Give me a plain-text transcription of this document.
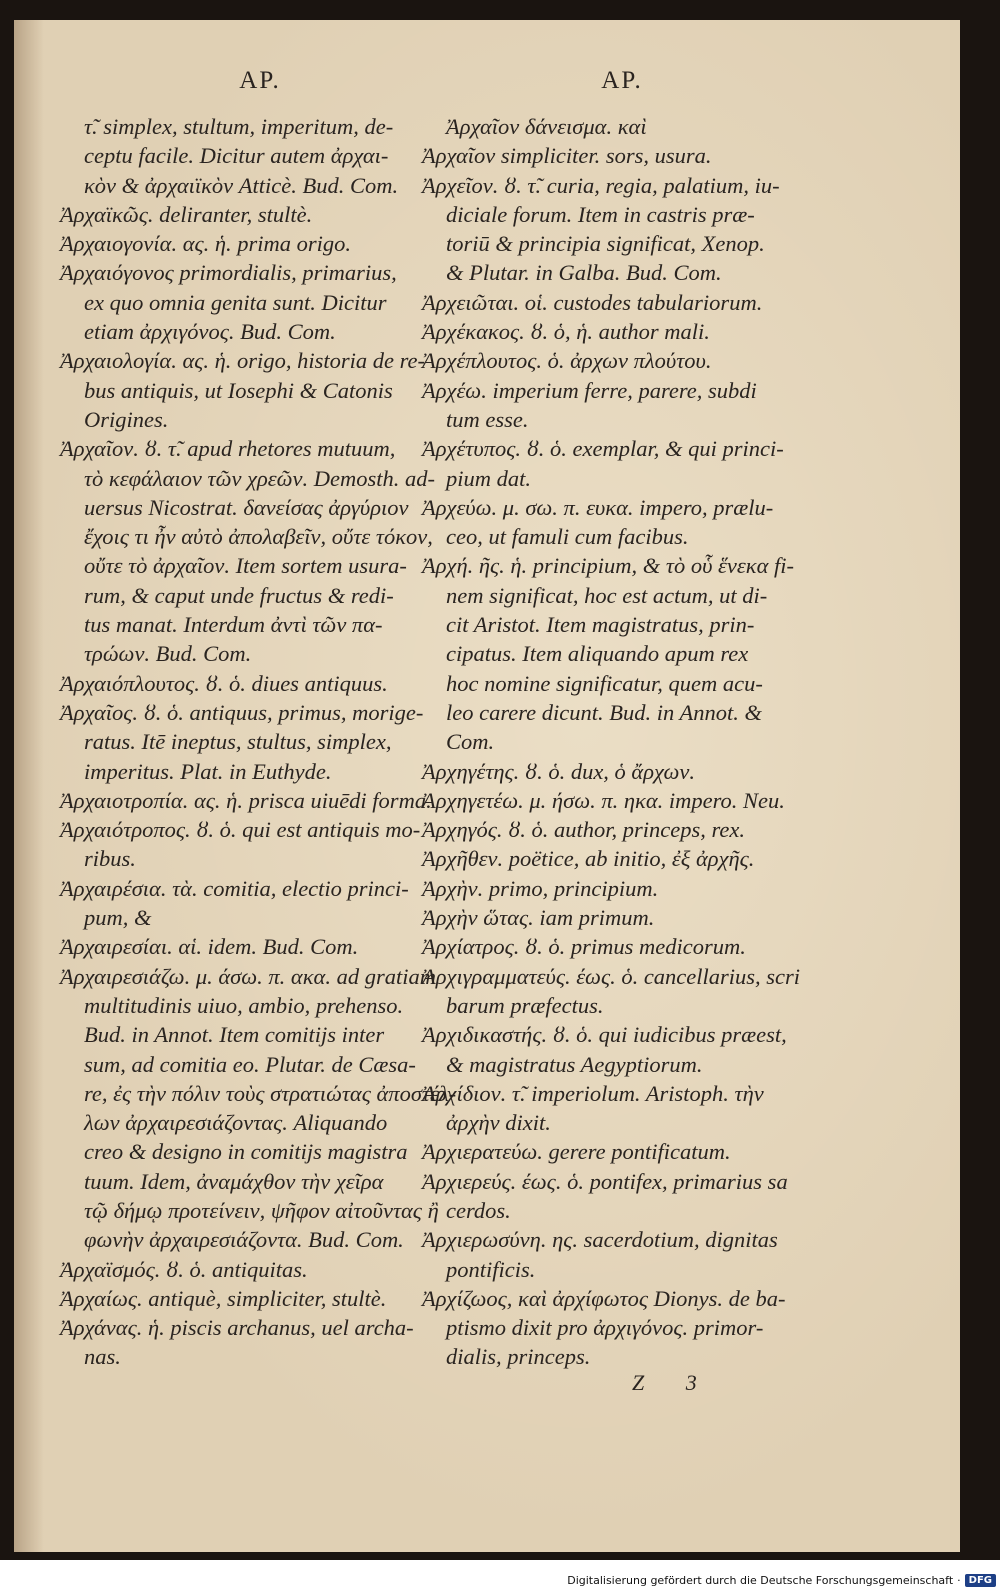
AP.
τ̃. simplex, stultum, imperitum, de-
ceptu facile. Dicitur autem ἀρχαι-
κὸν & ἀρχαιϊκὸν Atticè. Bud. Com.
Ἀρχαϊκῶς. deliranter, stultè.
Ἀρχαιογονία. ας. ἡ. prima origo.
Ἀρχαιόγονος primordialis, primarius,
ex quo omnia genita sunt. Dicitur
etiam ἀρχιγόνος. Bud. Com.
Ἀρχαιολογία. ας. ἡ. origo, historia de re-
bus antiquis, ut Iosephi & Catonis
Origines.
Ἀρχαῖον. ȣ. τ̃. apud rhetores mutuum,
τὸ κεφάλαιον τῶν χρεῶν. Demosth. ad-
uersus Nicostrat. δανείσας ἀργύριον
ἔχοις τι ἦν αὐτὸ ἀπολαβεῖν, οὔτε τόκον,
οὔτε τὸ ἀρχαῖον. Item sortem usura-
rum, & caput unde fructus & redi-
tus manat. Interdum ἀντὶ τῶν πα-
τρώων. Bud. Com.
Ἀρχαιόπλουτος. ȣ. ὁ. diues antiquus.
Ἀρχαῖος. ȣ. ὁ. antiquus, primus, morige-
ratus. Itē ineptus, stultus, simplex,
imperitus. Plat. in Euthyde.
Ἀρχαιοτροπία. ας. ἡ. prisca uiuēdi forma.
Ἀρχαιότροπος. ȣ. ὁ. qui est antiquis mo-
ribus.
Ἀρχαιρέσια. τὰ. comitia, electio princi-
pum, &
Ἀρχαιρεσίαι. αἱ. idem. Bud. Com.
Ἀρχαιρεσιάζω. μ. άσω. π. ακα. ad gratiam
multitudinis uiuo, ambio, prehenso.
Bud. in Annot. Item comitijs inter
sum, ad comitia eo. Plutar. de Cæsa-
re, ἐς τὴν πόλιν τοὺς στρατιώτας ἀποστέλ-
λων ἀρχαιρεσιάζοντας. Aliquando
creo & designo in comitijs magistra
tuum. Idem, ἀναμάχθον τὴν χεῖρα
τῷ δήμῳ προτείνειν, ψῆφον αἰτοῦντας ἢ
φωνὴν ἀρχαιρεσιάζοντα. Bud. Com.
Ἀρχαϊσμός. ȣ. ὁ. antiquitas.
Ἀρχαίως. antiquè, simpliciter, stultè.
Ἀρχάνας. ἡ. piscis archanus, uel archa-
nas.
AP.
Ἀρχαῖον δάνεισμα. καὶ
Ἀρχαῖον simpliciter. sors, usura.
Ἀρχεῖον. ȣ. τ̃. curia, regia, palatium, iu-
diciale forum. Item in castris præ-
toriū & principia significat, Xenop.
& Plutar. in Galba. Bud. Com.
Ἀρχειῶται. οἱ. custodes tabulariorum.
Ἀρχέκακος. ȣ. ὁ, ἡ. author mali.
Ἀρχέπλουτος. ὁ. ἀρχων πλούτου.
Ἀρχέω. imperium ferre, parere, subdi
tum esse.
Ἀρχέτυπος. ȣ. ὁ. exemplar, & qui princi-
pium dat.
Ἀρχεύω. μ. σω. π. ευκα. impero, prælu-
ceo, ut famuli cum facibus.
Ἀρχή. ῆς. ἡ. principium, & τὸ οὗ ἕνεκα fi-
nem significat, hoc est actum, ut di-
cit Aristot. Item magistratus, prin-
cipatus. Item aliquando apum rex
hoc nomine significatur, quem acu-
leo carere dicunt. Bud. in Annot. &
Com.
Ἀρχηγέτης. ȣ. ὁ. dux, ὁ ἄρχων.
Ἀρχηγετέω. μ. ήσω. π. ηκα. impero. Neu.
Ἀρχηγός. ȣ. ὁ. author, princeps, rex.
Ἀρχῆθεν. poëtice, ab initio, ἐξ ἀρχῆς.
Ἀρχὴν. primo, principium.
Ἀρχὴν ὥτας. iam primum.
Ἀρχίατρος. ȣ. ὁ. primus medicorum.
Ἀρχιγραμματεύς. έως. ὁ. cancellarius, scri
barum præfectus.
Ἀρχιδικαστής. ȣ. ὁ. qui iudicibus præest,
& magistratus Aegyptiorum.
Ἀρχίδιον. τ̃. imperiolum. Aristoph. τὴν
ἀρχὴν dixit.
Ἀρχιερατεύω. gerere pontificatum.
Ἀρχιερεύς. έως. ὁ. pontifex, primarius sa
cerdos.
Ἀρχιερωσύνη. ης. sacerdotium, dignitas
pontificis.
Ἀρχίζωος, καὶ ἀρχίφωτος Dionys. de ba-
ptismo dixit pro ἀρχιγόνος. primor-
dialis, princeps.
Z 3
Digitalisierung gefördert durch die Deutsche Forschungsgemeinschaft · DFG
